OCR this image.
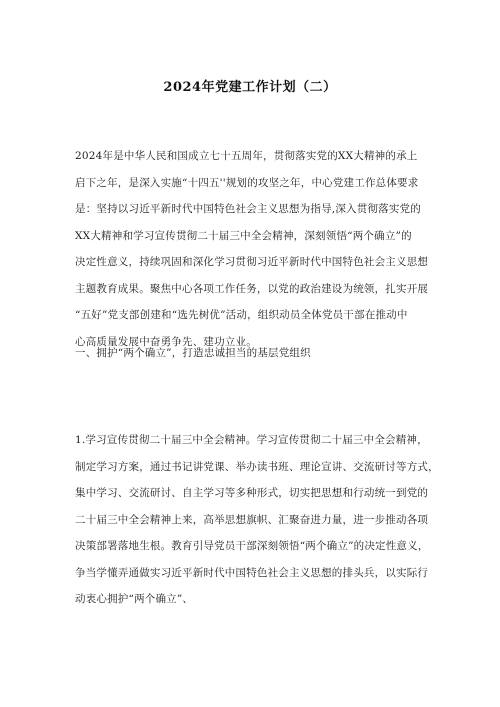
2024年党建工作计划（二）
2024年是中华人民和国成立七十五周年，贯彻落实党的XX大精神的承上
启下之年，是深入实施“十四五''规划的攻坚之年，中心党建工作总体要求
是：坚持以习近平新时代中国特色社会主义思想为指导,深入贯彻落实党的
XX大精神和学习宣传贯彻二十届三中全会精神，深刻领悟“两个确立”的
决定性意义，持续巩固和深化学习贯彻习近平新时代中国特色社会主义思想
主题教育成果。聚焦中心各项工作任务，以党的政治建设为统领，扎实开展
“五好”党支部创建和“选先树优”活动，组织动员全体党员干部在推动中
心高质量发展中奋勇争先、建功立业。
一、拥护“两个确立”，打造忠诚担当的基层党组织
1.学习宣传贯彻二十届三中全会精神。学习宣传贯彻二十届三中全会精神，
制定学习方案，通过书记讲党课、举办读书班、理论宣讲、交流研讨等方式，
集中学习、交流研讨、自主学习等多种形式，切实把思想和行动统一到党的
二十届三中全会精神上来，高举思想旗帜、汇聚奋进力量，进一步推动各项
决策部署落地生根。教育引导党员干部深刻领悟“两个确立”的决定性意义，
争当学懂弄通做实习近平新时代中国特色社会主义思想的排头兵，以实际行
动衷心拥护“两个确立”、
